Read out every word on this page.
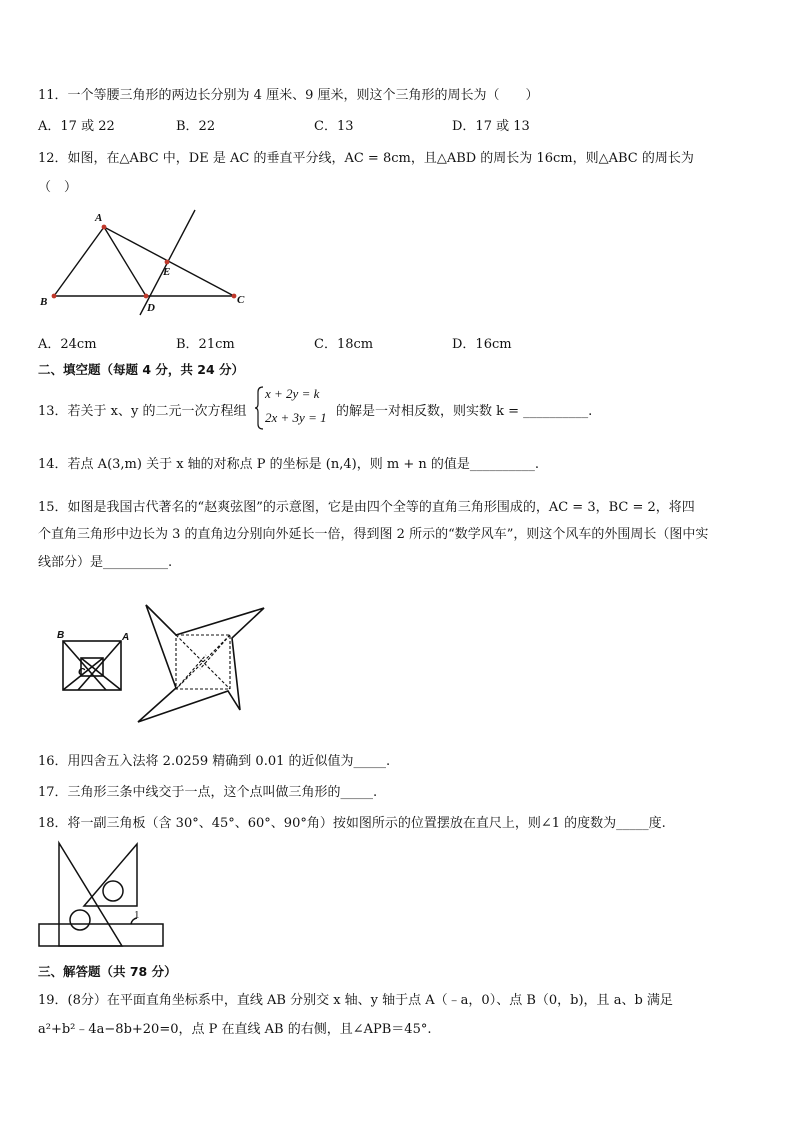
11．一个等腰三角形的两边长分别为 4 厘米、9 厘米，则这个三角形的周长为（　　）
A．17 或 22	B．22	C．13	D．17 或 13
12．如图，在△ABC 中，DE 是 AC 的垂直平分线，AC = 8cm，且△ABD 的周长为 16cm，则△ABC 的周长为
（　）
A
B	C
D
E
A．24cm	B．21cm	C．18cm	D．16cm
二、填空题（每题 4 分，共 24 分）
13．若关于 x、y 的二元一次方程组
x + 2y = k
2x + 3y = 1 的解是一对相反数，则实数 k = __________.
14．若点 A(3,m) 关于 x 轴的对称点 P 的坐标是 (n,4)，则 m + n 的值是__________.
15．如图是我国古代著名的“赵爽弦图”的示意图，它是由四个全等的直角三角形围成的，AC = 3，BC = 2，将四
个直角三角形中边长为 3 的直角边分别向外延长一倍，得到图 2 所示的“数学风车”，则这个风车的外围周长（图中实
线部分）是__________.
B	A
C
16．用四舍五入法将 2.0259 精确到 0.01 的近似值为_____.
17．三角形三条中线交于一点，这个点叫做三角形的_____.
18．将一副三角板（含 30°、45°、60°、90°角）按如图所示的位置摆放在直尺上，则∠1 的度数为_____度.
1
三、解答题（共 78 分）
19．(8分）在平面直角坐标系中，直线 AB 分别交 x 轴、y 轴于点 A（﹣a，0）、点 B（0，b)，且 a、b 满足
a²+b²﹣4a−8b+20=0，点 P 在直线 AB 的右侧，且∠APB＝45°.
